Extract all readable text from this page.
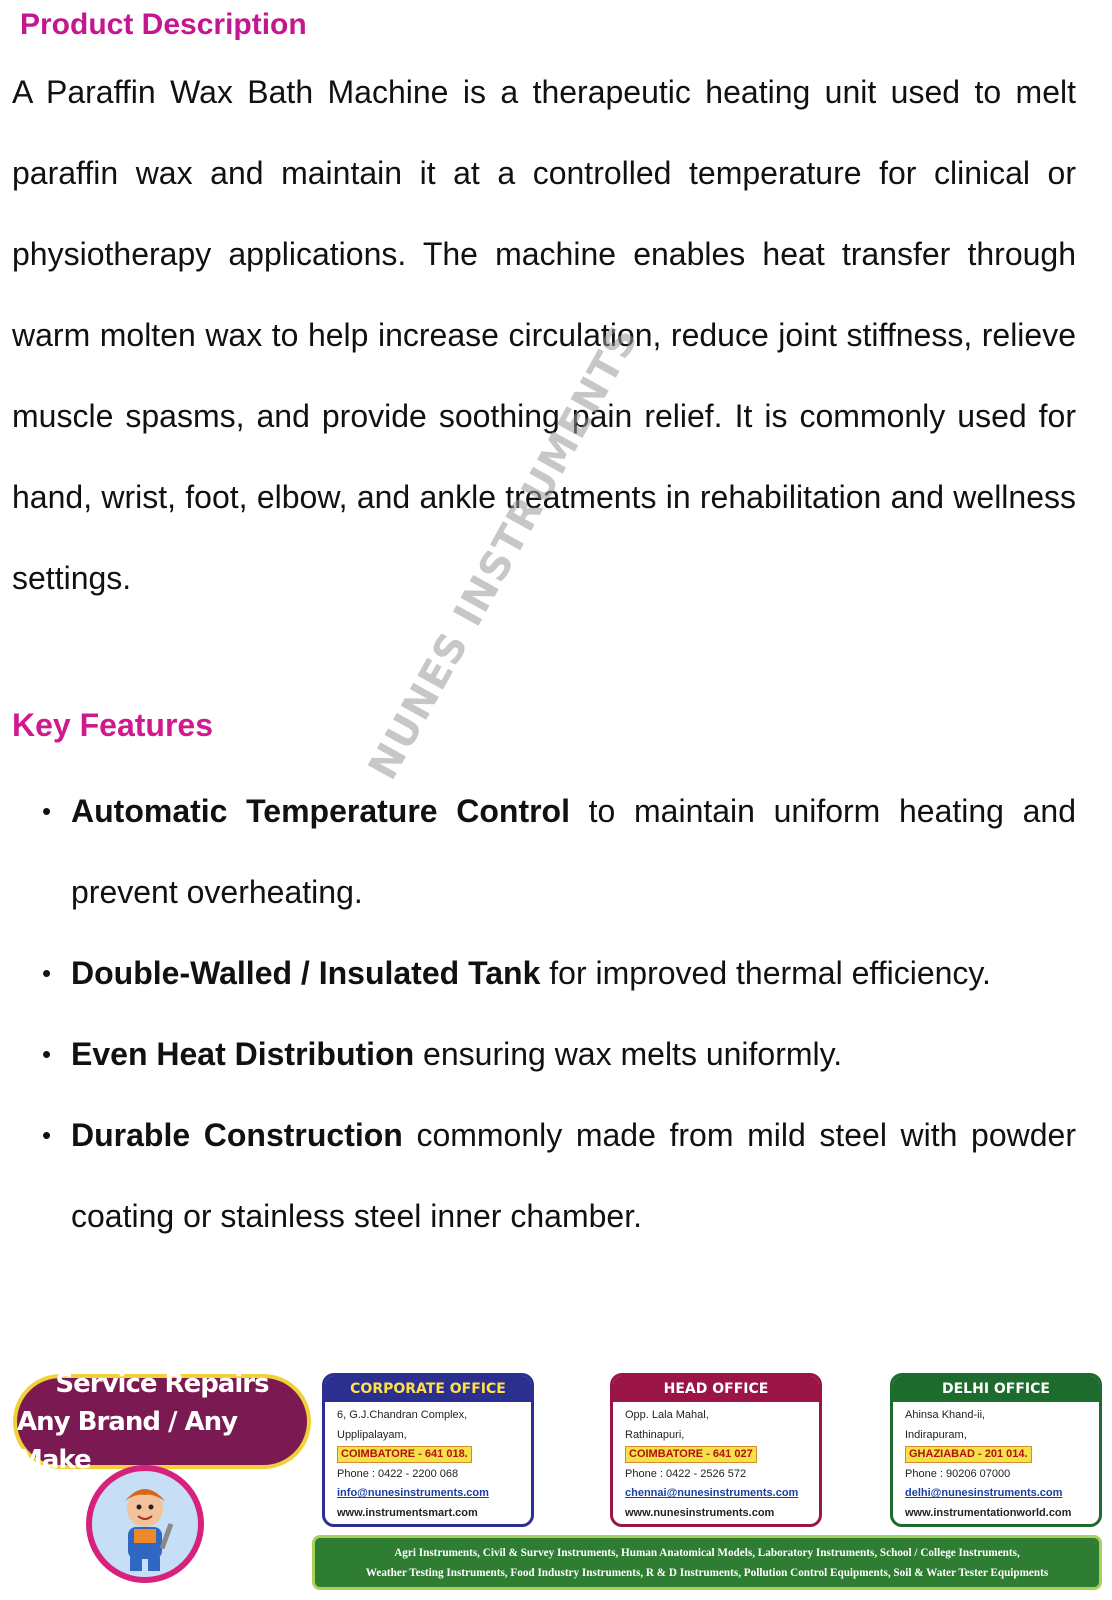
Product Description
A Paraffin Wax Bath Machine is a therapeutic heating unit used to melt paraffin wax and maintain it at a controlled temperature for clinical or physiotherapy applications. The machine enables heat transfer through warm molten wax to help increase circulation, reduce joint stiffness, relieve muscle spasms, and provide soothing pain relief. It is commonly used for hand, wrist, foot, elbow, and ankle treatments in rehabilitation and wellness settings.
Key Features
• Automatic Temperature Control to maintain uniform heating and prevent overheating.
• Double-Walled / Insulated Tank for improved thermal efficiency.
• Even Heat Distribution ensuring wax melts uniformly.
• Durable Construction commonly made from mild steel with powder coating or stainless steel inner chamber.
NUNES INSTRUMENTS
Service Repairs
Any Brand / Any Make
CORPORATE OFFICE
6, G.J.Chandran Complex,
Upplipalayam,
COIMBATORE - 641 018.
Phone : 0422 - 2200 068
info@nunesinstruments.com
www.instrumentsmart.com
HEAD OFFICE
Opp. Lala Mahal,
Rathinapuri,
COIMBATORE - 641 027
Phone : 0422 - 2526 572
chennai@nunesinstruments.com
www.nunesinstruments.com
DELHI OFFICE
Ahinsa Khand-ii,
Indirapuram,
GHAZIABAD - 201 014.
Phone : 90206 07000
delhi@nunesinstruments.com
www.instrumentationworld.com
Agri Instruments, Civil & Survey Instruments, Human Anatomical Models, Laboratory Instruments, School / College Instruments,
Weather Testing Instruments, Food Industry Instruments, R & D Instruments, Pollution Control Equipments, Soil & Water Tester Equipments
